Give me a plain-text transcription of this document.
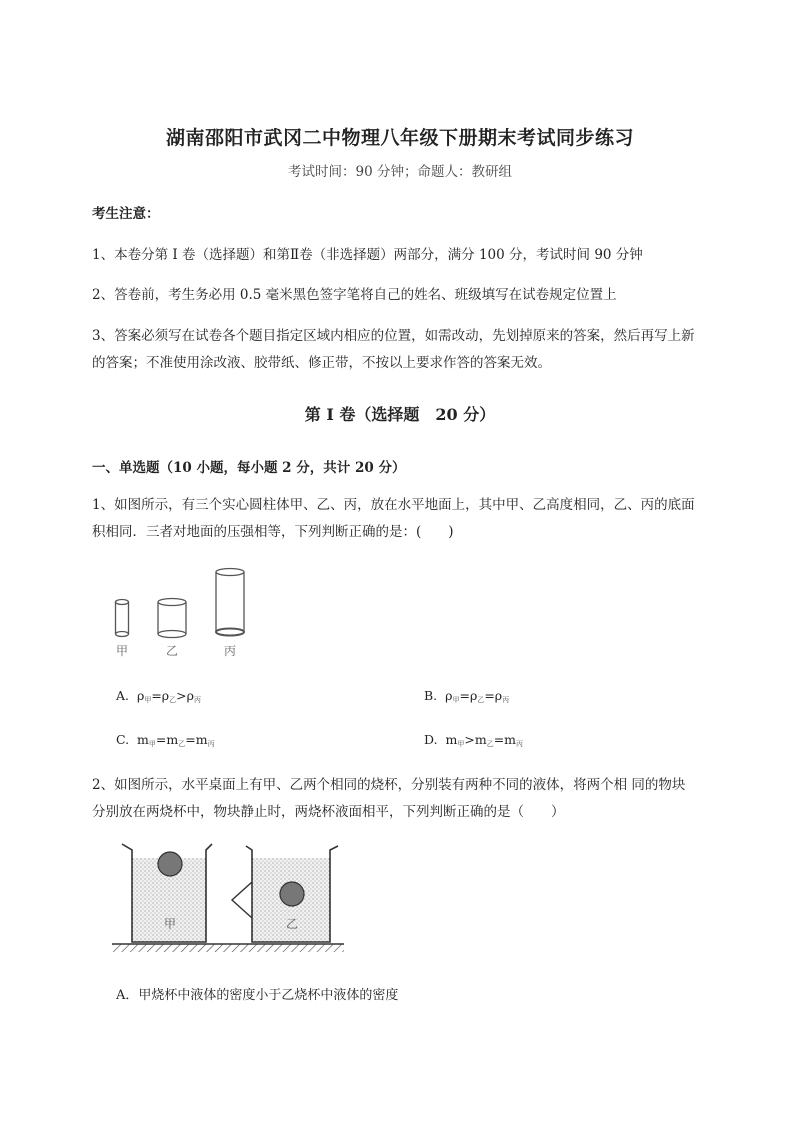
湖南邵阳市武冈二中物理八年级下册期末考试同步练习
考试时间：90 分钟；命题人：教研组
考生注意：
1、本卷分第 I 卷（选择题）和第Ⅱ卷（非选择题）两部分，满分 100 分，考试时间 90 分钟
2、答卷前，考生务必用 0.5 毫米黑色签字笔将自己的姓名、班级填写在试卷规定位置上
3、答案必须写在试卷各个题目指定区域内相应的位置，如需改动，先划掉原来的答案，然后再写上新
的答案；不准使用涂改液、胶带纸、修正带，不按以上要求作答的答案无效。
第 I 卷（选择题　20 分）
一、单选题（10 小题，每小题 2 分，共计 20 分）
1、如图所示，有三个实心圆柱体甲、乙、丙，放在水平地面上，其中甲、乙高度相同，乙、丙的底面
积相同．三者对地面的压强相等，下列判断正确的是：(　　)
甲	乙	丙
A. $\rho_甲=\rho_乙>\rho_丙$	B. $\rho_甲=\rho_乙=\rho_丙$
C. $m_甲=m_乙=m_丙$	D. $m_甲>m_乙=m_丙$
2、如图所示，水平桌面上有甲、乙两个相同的烧杯，分别装有两种不同的液体，将两个相 同的物块
分别放在两烧杯中，物块静止时，两烧杯液面相平，下列判断正确的是（　　）
甲	乙
A．甲烧杯中液体的密度小于乙烧杯中液体的密度
